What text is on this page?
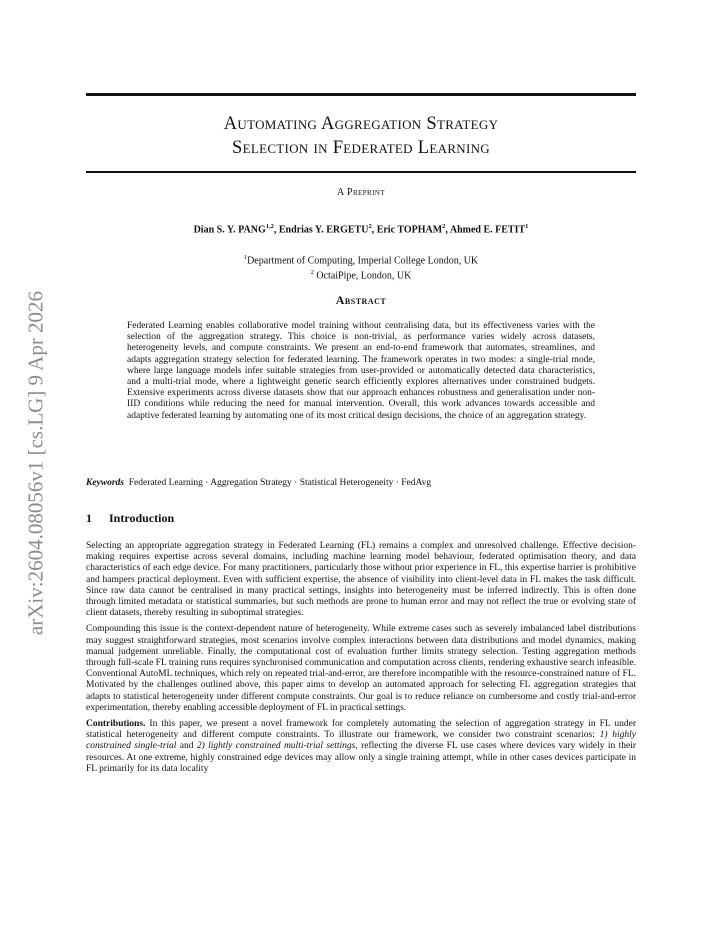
arXiv:2604.08056v1 [cs.LG] 9 Apr 2026
Automating Aggregation Strategy
Selection in Federated Learning
A Preprint
Dian S. Y. PANG$^{1,2}$, Endrias Y. ERGETU$^2$, Eric TOPHAM$^2$, Ahmed E. FETIT$^1$
$^1$Department of Computing, Imperial College London, UK
$^2$ OctaiPipe, London, UK
Abstract

Federated Learning enables collaborative model training without centralising data, but its effectiveness varies with the selection of the aggregation strategy. This choice is non-trivial, as performance varies widely across datasets, heterogeneity levels, and compute constraints. We present an end-to-end framework that automates, streamlines, and adapts aggregation strategy selection for federated learning. The framework operates in two modes: a single-trial mode, where large language models infer suitable strategies from user-provided or automatically detected data characteristics, and a multi-trial mode, where a lightweight genetic search efficiently explores alternatives under constrained budgets. Extensive experiments across diverse datasets show that our approach enhances robustness and generalisation under non-IID conditions while reducing the need for manual intervention. Overall, this work advances towards accessible and adaptive federated learning by automating one of its most critical design decisions, the choice of an aggregation strategy.

Keywords Federated Learning · Aggregation Strategy · Statistical Heterogeneity · FedAvg
1 Introduction

Selecting an appropriate aggregation strategy in Federated Learning (FL) remains a complex and unresolved challenge. Effective decision-making requires expertise across several domains, including machine learning model behaviour, federated optimisation theory, and data characteristics of each edge device. For many practitioners, particularly those without prior experience in FL, this expertise barrier is prohibitive and hampers practical deployment. Even with sufficient expertise, the absence of visibility into client-level data in FL makes the task difficult. Since raw data cannot be centralised in many practical settings, insights into heterogeneity must be inferred indirectly. This is often done through limited metadata or statistical summaries, but such methods are prone to human error and may not reflect the true or evolving state of client datasets, thereby resulting in suboptimal strategies.

Compounding this issue is the context-dependent nature of heterogeneity. While extreme cases such as severely imbalanced label distributions may suggest straightforward strategies, most scenarios involve complex interactions between data distributions and model dynamics, making manual judgement unreliable. Finally, the computational cost of evaluation further limits strategy selection. Testing aggregation methods through full-scale FL training runs requires synchronised communication and computation across clients, rendering exhaustive search infeasible. Conventional AutoML techniques, which rely on repeated trial-and-error, are therefore incompatible with the resource-constrained nature of FL. Motivated by the challenges outlined above, this paper aims to develop an automated approach for selecting FL aggregation strategies that adapts to statistical heterogeneity under different compute constraints. Our goal is to reduce reliance on cumbersome and costly trial-and-error experimentation, thereby enabling accessible deployment of FL in practical settings.

Contributions. In this paper, we present a novel framework for completely automating the selection of aggregation strategy in FL under statistical heterogeneity and different compute constraints. To illustrate our framework, we consider two constraint scenarios: 1) highly constrained single-trial and 2) lightly constrained multi-trial settings, reflecting the diverse FL use cases where devices vary widely in their resources. At one extreme, highly constrained edge devices may allow only a single training attempt, while in other cases devices participate in FL primarily for its data locality
